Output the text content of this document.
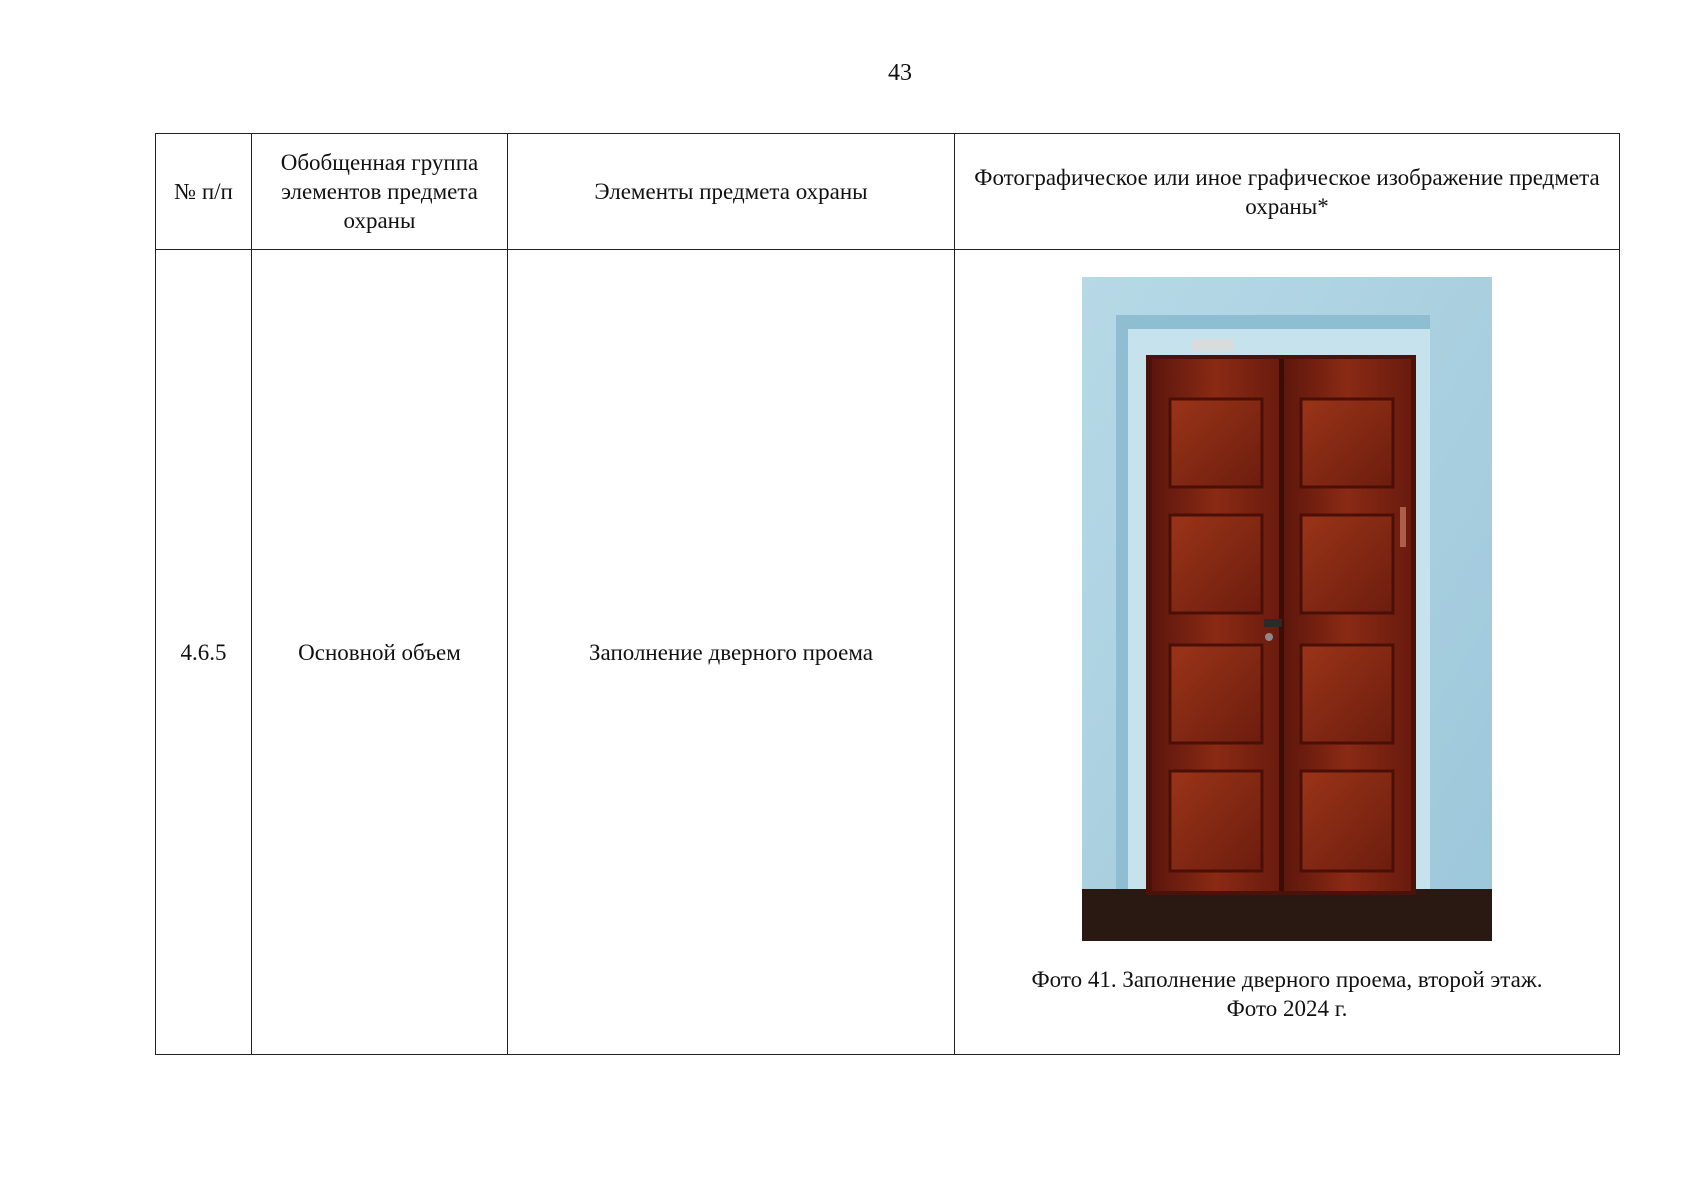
43
№ п/п	Обобщенная группа элементов предмета охраны	Элементы предмета охраны	Фотографическое или иное графическое изображение предмета охраны*
4.6.5	Основной объем	Заполнение дверного проема	Фото 41. Заполнение дверного проема, второй этаж.
Фото 2024 г.
